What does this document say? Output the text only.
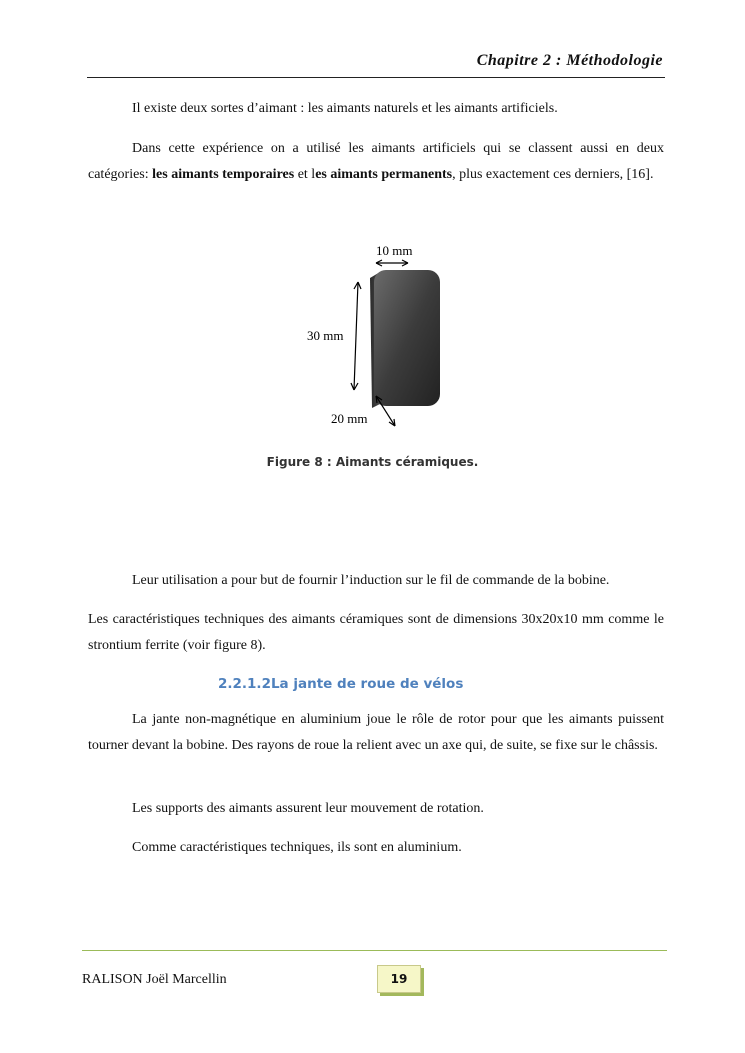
Chapitre 2 : Méthodologie

Il existe deux sortes d’aimant : les aimants naturels et les aimants artificiels.

Dans cette expérience on a utilisé les aimants artificiels qui se classent aussi en deux catégories: les aimants temporaires et les aimants permanents, plus exactement ces derniers, [16].

10 mm
30 mm
20 mm
Figure 8 : Aimants céramiques.

Leur utilisation a pour but de fournir l’induction sur le fil de commande de la bobine.

Les caractéristiques techniques des aimants céramiques sont de dimensions 30x20x10 mm comme le strontium ferrite (voir figure 8).

2.2.1.2La jante de roue de vélos

La jante non-magnétique en aluminium joue le rôle de rotor pour que les aimants puissent tourner devant la bobine. Des rayons de roue la relient avec un axe qui, de suite, se fixe sur le châssis.

Les supports des aimants assurent leur mouvement de rotation.

Comme caractéristiques techniques, ils sont en aluminium.

RALISON Joël Marcellin	19
